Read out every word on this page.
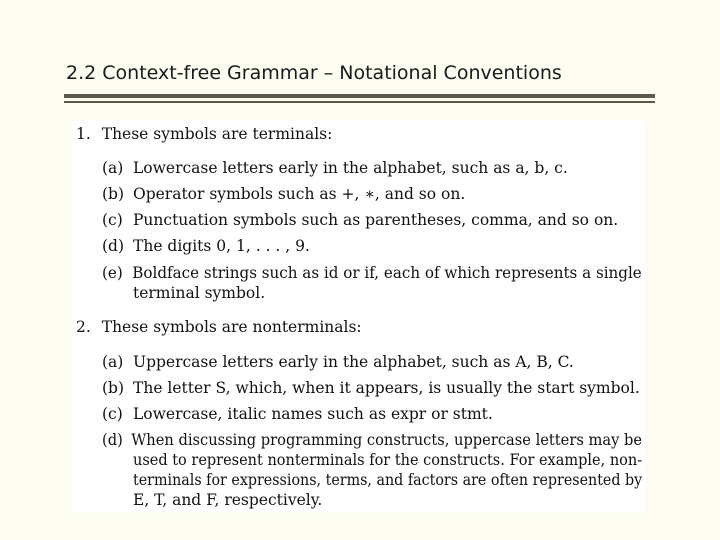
2.2 Context-free Grammar – Notational Conventions
1. These symbols are terminals:
(a) Lowercase letters early in the alphabet, such as a, b, c.
(b) Operator symbols such as +, ∗, and so on.
(c) Punctuation symbols such as parentheses, comma, and so on.
(d) The digits 0, 1, . . . , 9.
(e) Boldface strings such as id or if, each of which represents a single
terminal symbol.
2. These symbols are nonterminals:
(a) Uppercase letters early in the alphabet, such as A, B, C.
(b) The letter S, which, when it appears, is usually the start symbol.
(c) Lowercase, italic names such as expr or stmt.
(d) When discussing programming constructs, uppercase letters may be
used to represent nonterminals for the constructs. For example, non-
terminals for expressions, terms, and factors are often represented by
E, T, and F, respectively.
